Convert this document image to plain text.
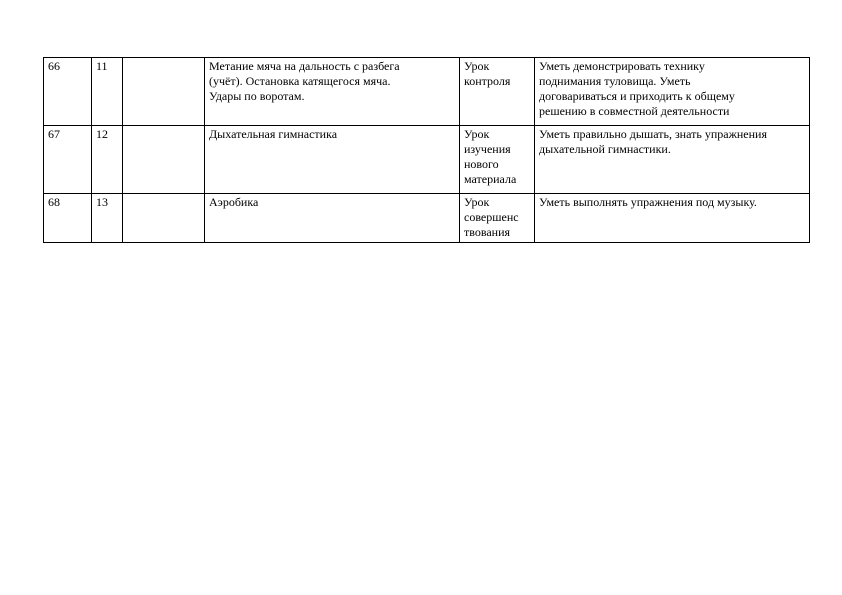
66	11		Метание мяча на дальность с разбега
(учёт). Остановка катящегося мяча.
Удары по воротам.	Урок
контроля	Уметь демонстрировать технику
поднимания туловища. Уметь
договариваться и приходить к общему
решению в совместной деятельности

67	12		Дыхательная гимнастика	Урок
изучения
нового
материала	Уметь правильно дышать, знать упражнения
дыхательной гимнастики.

68	13		Аэробика	Урок
совершенс
твования	Уметь выполнять упражнения под музыку.
